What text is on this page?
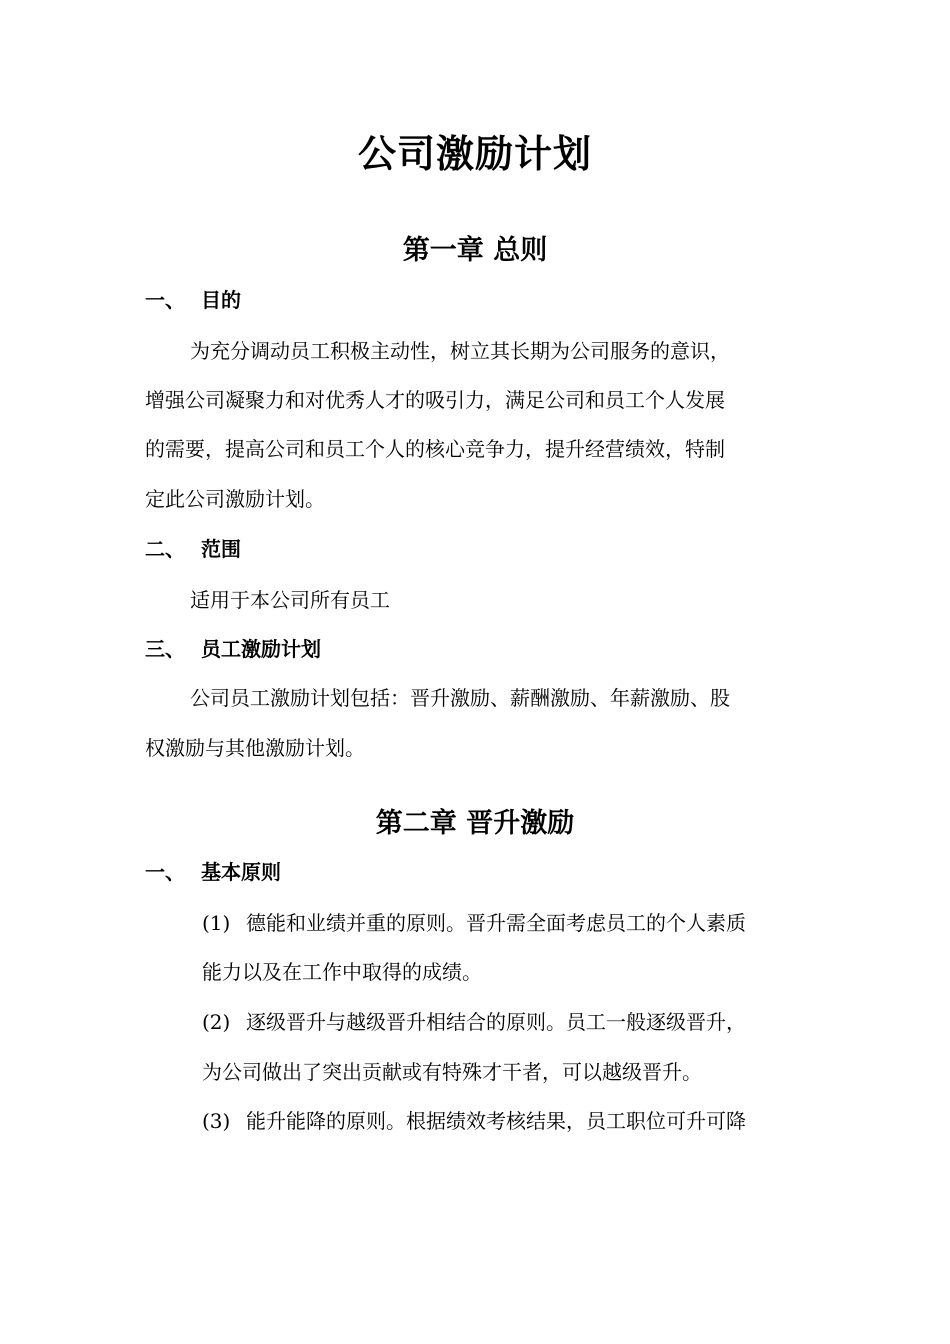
公司激励计划
第一章 总则
一、 目的
为充分调动员工积极主动性，树立其长期为公司服务的意识，
增强公司凝聚力和对优秀人才的吸引力，满足公司和员工个人发展
的需要，提高公司和员工个人的核心竞争力，提升经营绩效，特制
定此公司激励计划。
二、 范围
适用于本公司所有员工
三、 员工激励计划
公司员工激励计划包括：晋升激励、薪酬激励、年薪激励、股
权激励与其他激励计划。
第二章 晋升激励
一、 基本原则
(1) 德能和业绩并重的原则。晋升需全面考虑员工的个人素质
能力以及在工作中取得的成绩。
(2) 逐级晋升与越级晋升相结合的原则。员工一般逐级晋升，
为公司做出了突出贡献或有特殊才干者，可以越级晋升。
(3) 能升能降的原则。根据绩效考核结果，员工职位可升可降
